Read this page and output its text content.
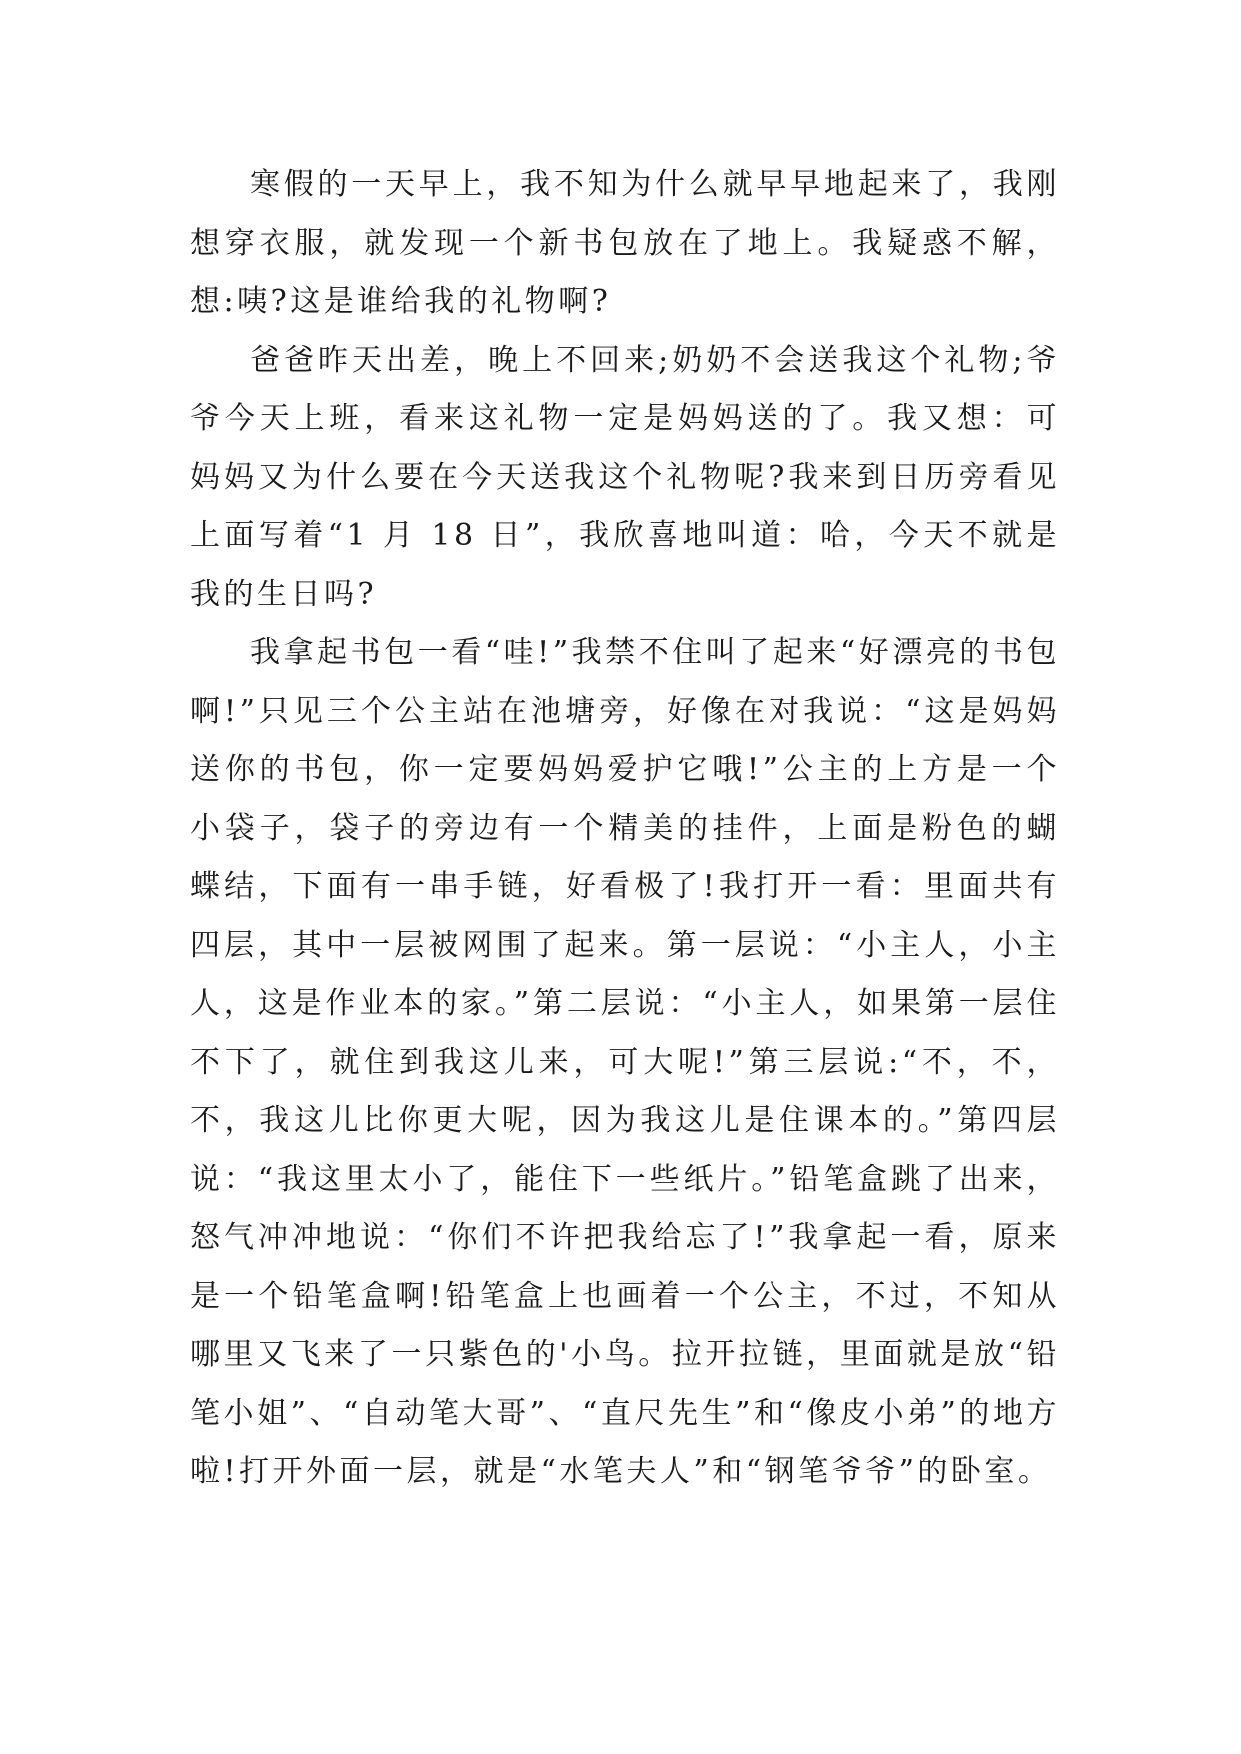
寒假的一天早上，我不知为什么就早早地起来了，我刚想穿衣服，就发现一个新书包放在了地上。我疑惑不解，想:咦?这是谁给我的礼物啊?

爸爸昨天出差，晚上不回来;奶奶不会送我这个礼物;爷爷今天上班，看来这礼物一定是妈妈送的了。我又想：可妈妈又为什么要在今天送我这个礼物呢?我来到日历旁看见上面写着“1 月 18 日”，我欣喜地叫道：哈，今天不就是我的生日吗?

我拿起书包一看“哇!”我禁不住叫了起来“好漂亮的书包啊!”只见三个公主站在池塘旁，好像在对我说：“这是妈妈送你的书包，你一定要妈妈爱护它哦!”公主的上方是一个小袋子，袋子的旁边有一个精美的挂件，上面是粉色的蝴蝶结，下面有一串手链，好看极了!我打开一看：里面共有四层，其中一层被网围了起来。第一层说：“小主人，小主人，这是作业本的家。”第二层说：“小主人，如果第一层住不下了，就住到我这儿来，可大呢!”第三层说:“不，不，不，我这儿比你更大呢，因为我这儿是住课本的。”第四层说：“我这里太小了，能住下一些纸片。”铅笔盒跳了出来，怒气冲冲地说：“你们不许把我给忘了!”我拿起一看，原来是一个铅笔盒啊!铅笔盒上也画着一个公主，不过，不知从哪里又飞来了一只紫色的'小鸟。拉开拉链，里面就是放“铅笔小姐”、“自动笔大哥”、“直尺先生”和“像皮小弟”的地方啦!打开外面一层，就是“水笔夫人”和“钢笔爷爷”的卧室。
